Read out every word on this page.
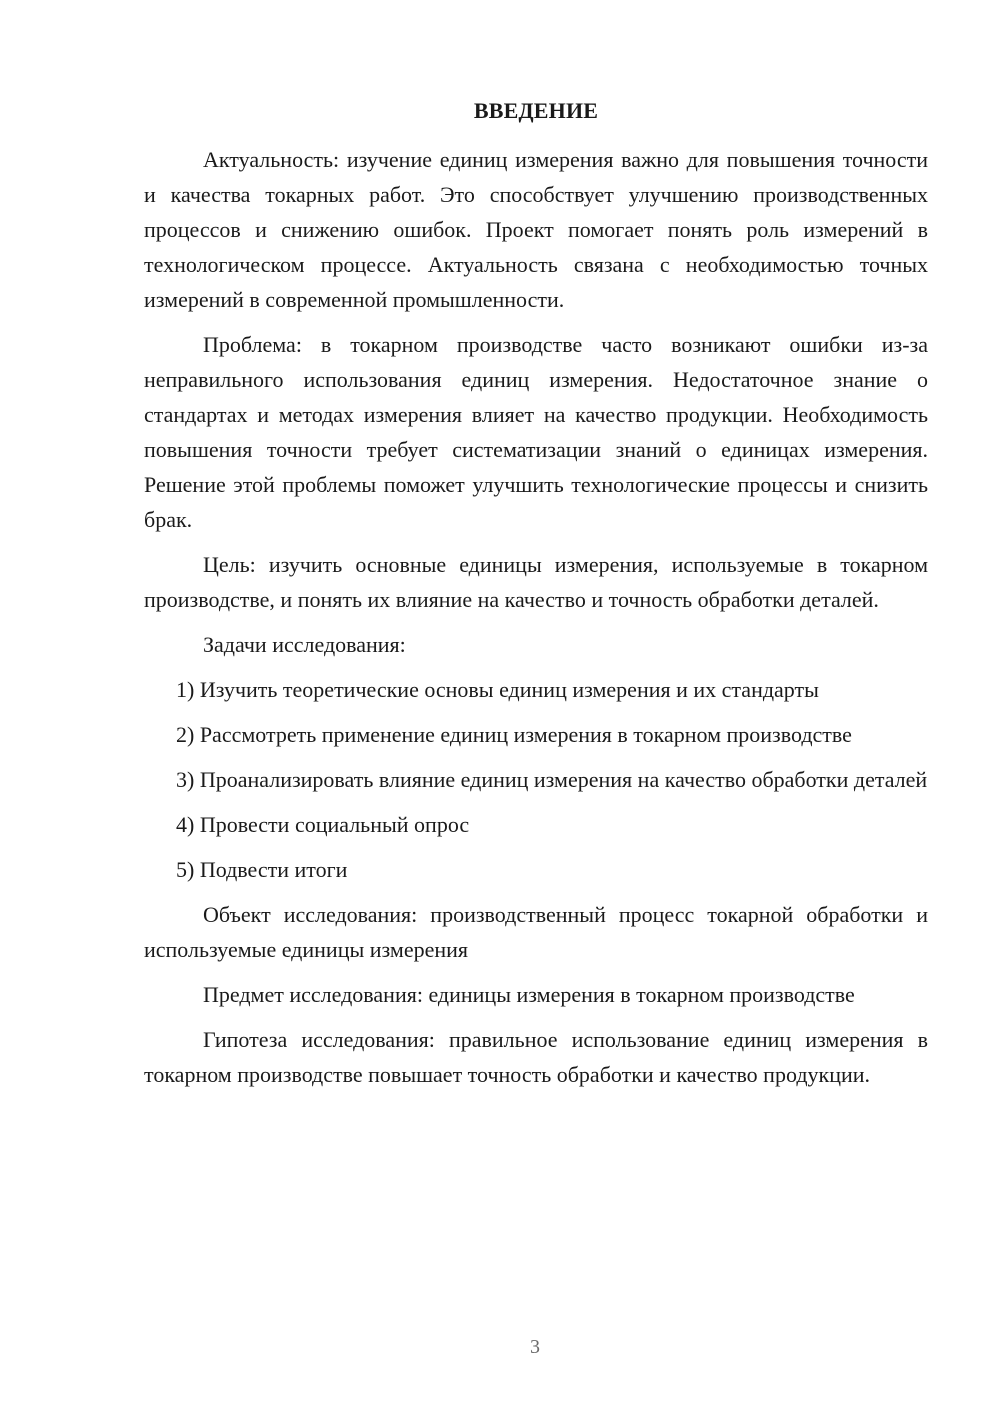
ВВЕДЕНИЕ

Актуальность: изучение единиц измерения важно для повышения точности и качества токарных работ. Это способствует улучшению производственных процессов и снижению ошибок. Проект помогает понять роль измерений в технологическом процессе. Актуальность связана с необходимостью точных измерений в современной промышленности.

Проблема: в токарном производстве часто возникают ошибки из-за неправильного использования единиц измерения. Недостаточное знание о стандартах и методах измерения влияет на качество продукции. Необходимость повышения точности требует систематизации знаний о единицах измерения. Решение этой проблемы поможет улучшить технологические процессы и снизить брак.

Цель: изучить основные единицы измерения, используемые в токарном производстве, и понять их влияние на качество и точность обработки деталей.

Задачи исследования:

1) Изучить теоретические основы единиц измерения и их стандарты

2) Рассмотреть применение единиц измерения в токарном производстве

3) Проанализировать влияние единиц измерения на качество обработки деталей

4) Провести социальный опрос

5) Подвести итоги

Объект исследования: производственный процесс токарной обработки и используемые единицы измерения

Предмет исследования: единицы измерения в токарном производстве

Гипотеза исследования: правильное использование единиц измерения в токарном производстве повышает точность обработки и качество продукции.

3
